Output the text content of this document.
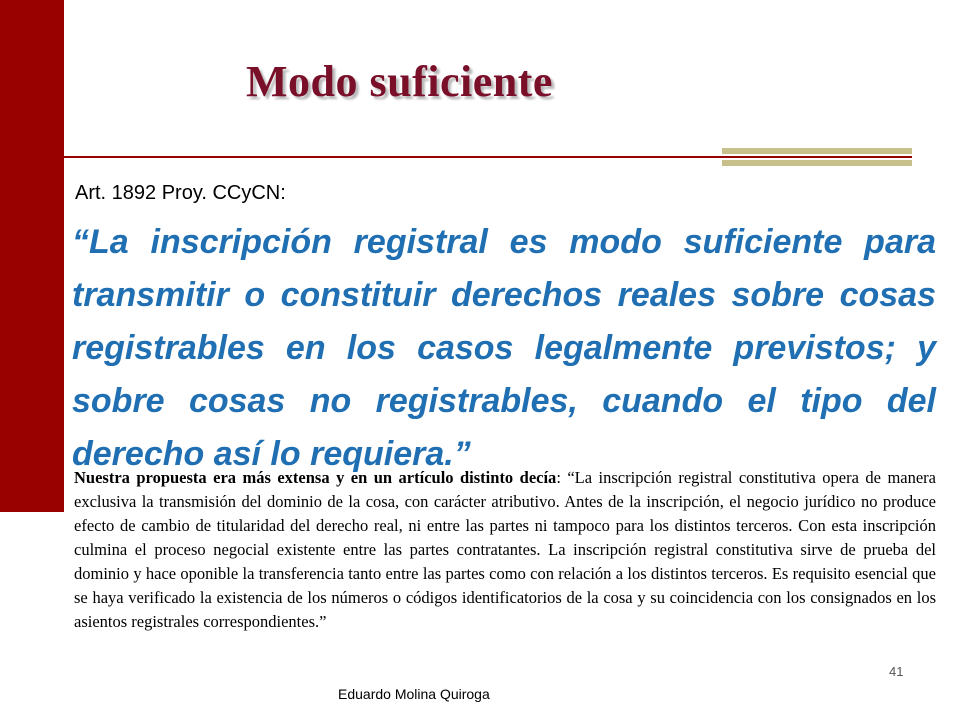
Modo suficiente
Art. 1892 Proy. CCyCN:

“La inscripción registral es modo suficiente para transmitir o constituir derechos reales sobre cosas registrables en los casos legalmente previstos; y sobre cosas no registrables, cuando el tipo del derecho así lo requiera.”

Nuestra propuesta era más extensa y en un artículo distinto decía: “La inscripción registral constitutiva opera de manera exclusiva la transmisión del dominio de la cosa, con carácter atributivo. Antes de la inscripción, el negocio jurídico no produce efecto de cambio de titularidad del derecho real, ni entre las partes ni tampoco para los distintos terceros. Con esta inscripción culmina el proceso negocial existente entre las partes contratantes. La inscripción registral constitutiva sirve de prueba del dominio y hace oponible la transferencia tanto entre las partes como con relación a los distintos terceros. Es requisito esencial que se haya verificado la existencia de los números o códigos identificatorios de la cosa y su coincidencia con los consignados en los asientos registrales correspondientes.”

Eduardo Molina Quiroga
41
